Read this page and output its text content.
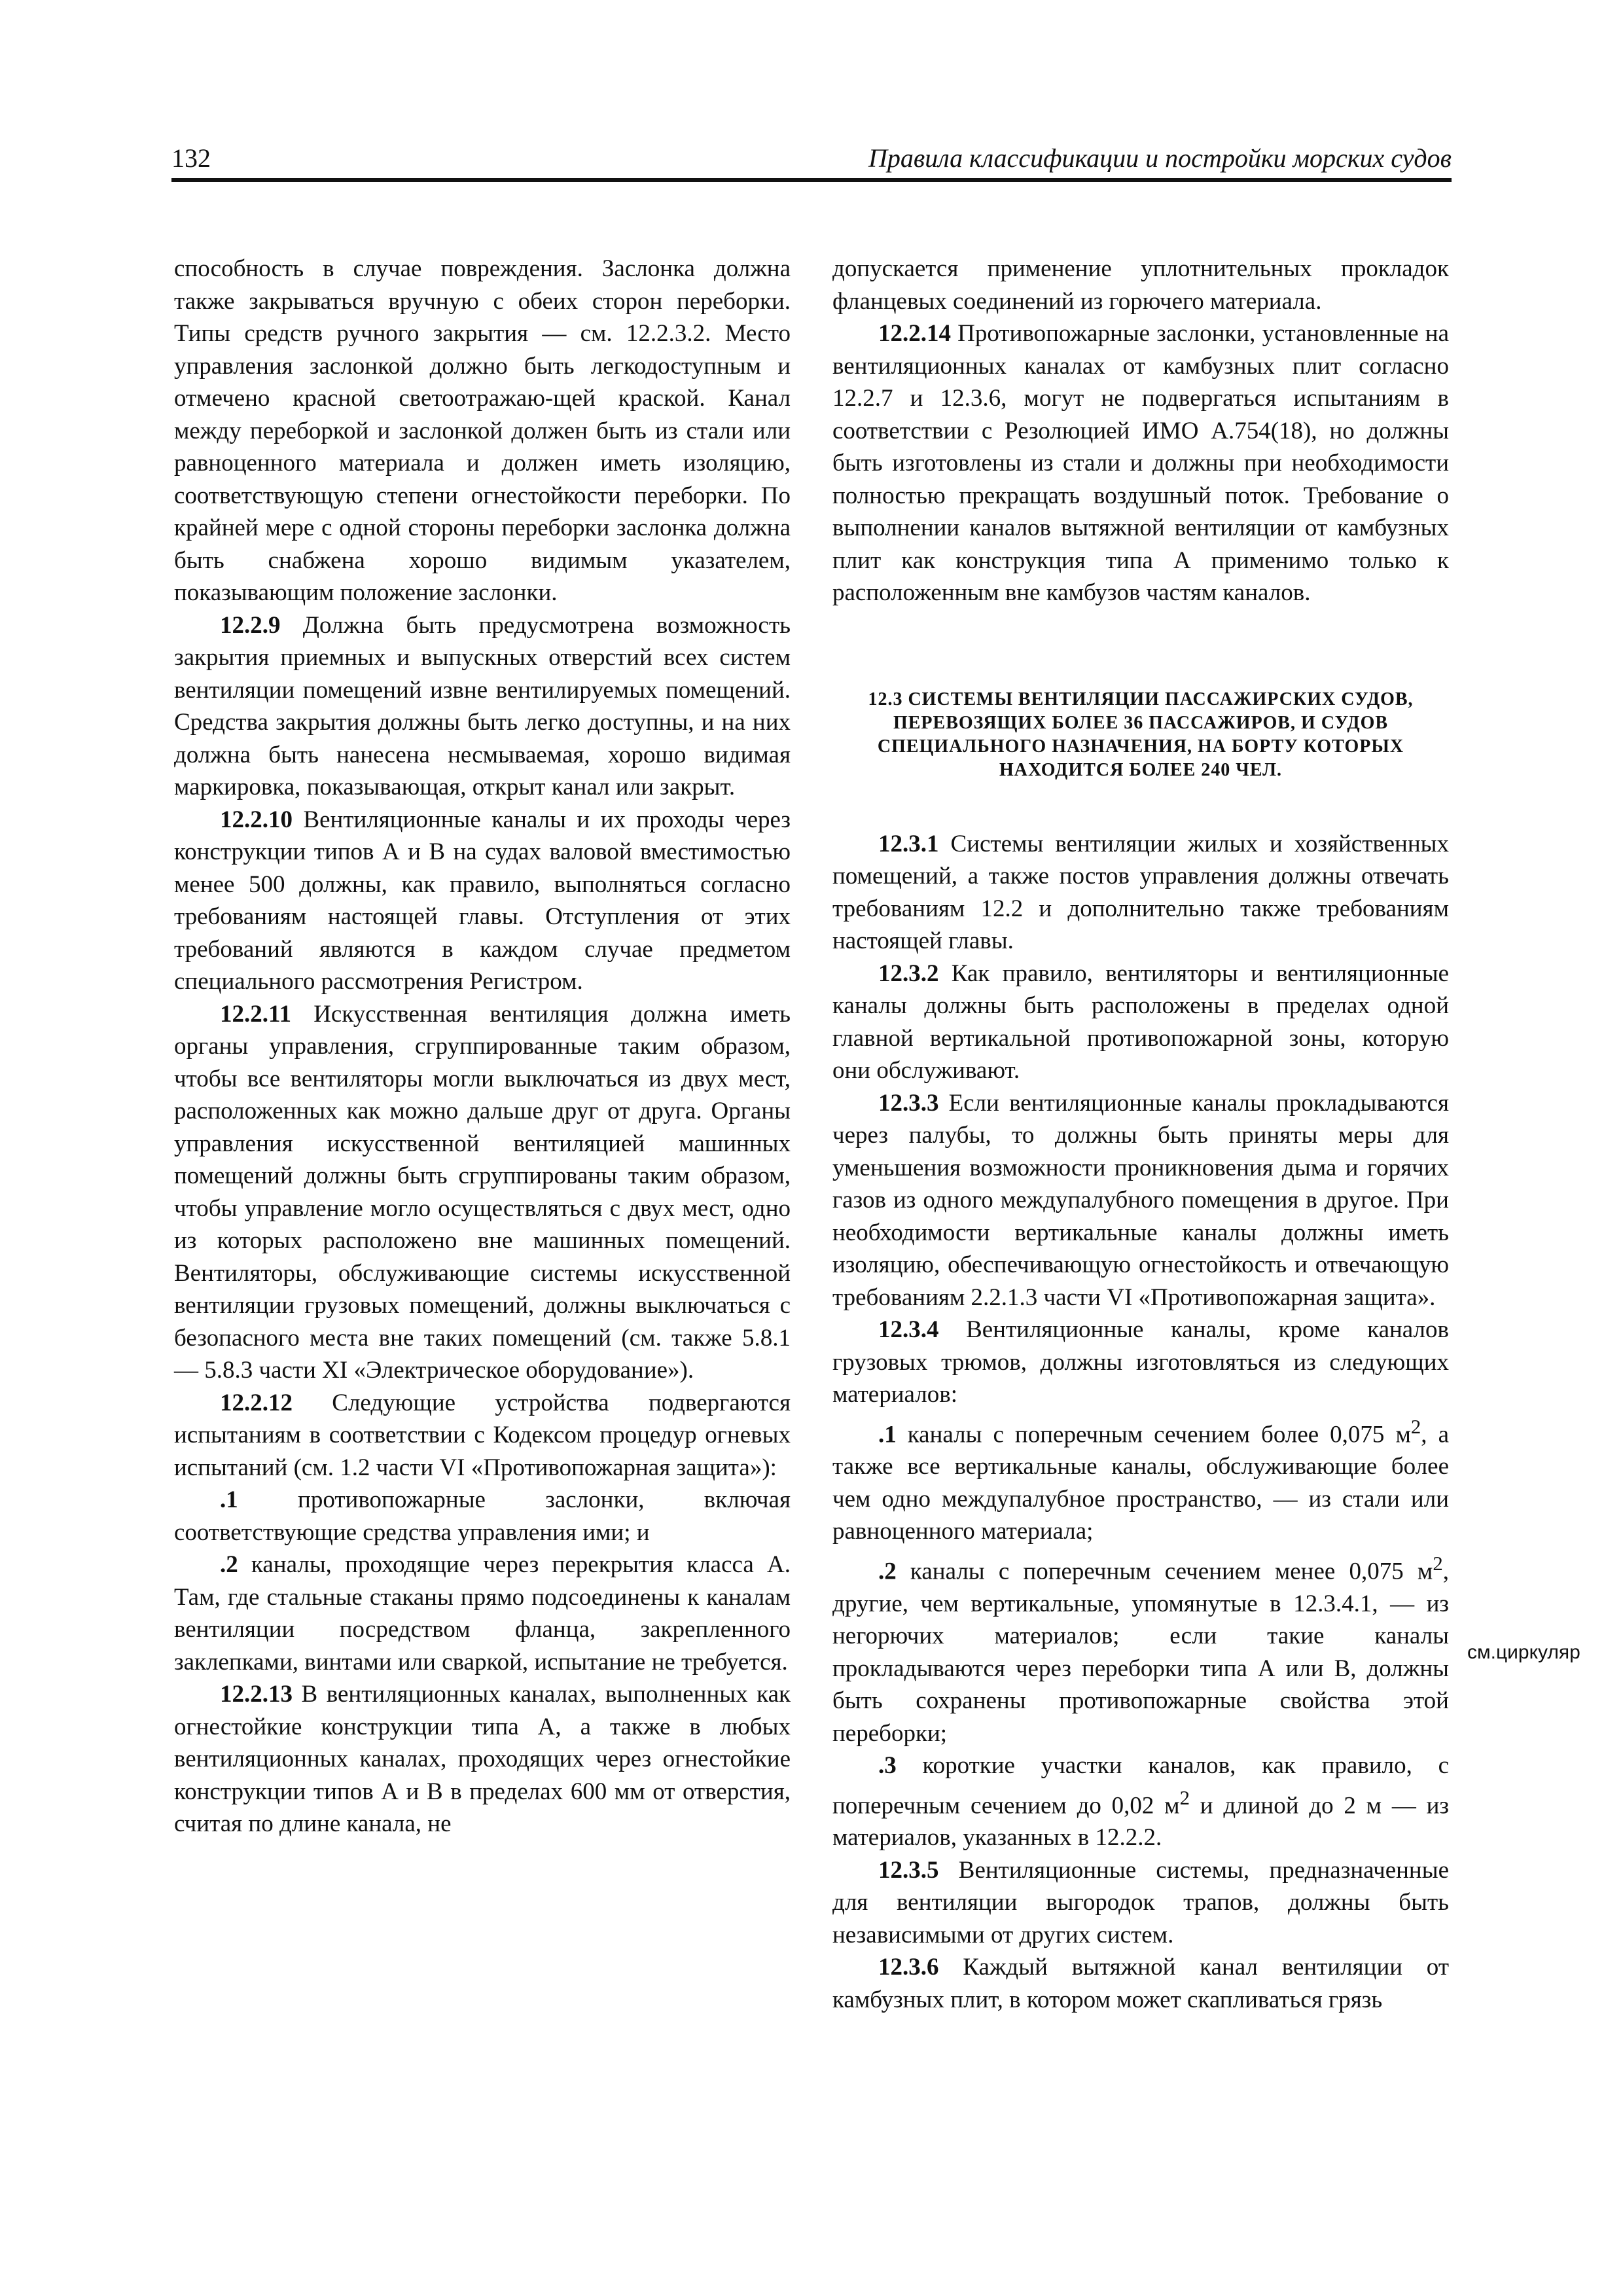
132	Правила классификации и постройки морских судов

способность в случае повреждения. Заслонка должна также закрываться вручную с обеих сторон переборки. Типы средств ручного закрытия — см. 12.2.3.2. Место управления заслонкой должно быть легкодоступным и отмечено красной светоотражаю-щей краской. Канал между переборкой и заслонкой должен быть из стали или равноценного материала и должен иметь изоляцию, соответствующую степени огнестойкости переборки. По крайней мере с одной стороны переборки заслонка должна быть снабжена хорошо видимым указателем, показывающим положение заслонки.

12.2.9 Должна быть предусмотрена возможность закрытия приемных и выпускных отверстий всех систем вентиляции помещений извне вентилируемых помещений. Средства закрытия должны быть легко доступны, и на них должна быть нанесена несмываемая, хорошо видимая маркировка, показывающая, открыт канал или закрыт.

12.2.10 Вентиляционные каналы и их проходы через конструкции типов А и В на судах валовой вместимостью менее 500 должны, как правило, выполняться согласно требованиям настоящей главы. Отступления от этих требований являются в каждом случае предметом специального рассмотрения Регистром.

12.2.11 Искусственная вентиляция должна иметь органы управления, сгруппированные таким образом, чтобы все вентиляторы могли выключаться из двух мест, расположенных как можно дальше друг от друга. Органы управления искусственной вентиляцией машинных помещений должны быть сгруппированы таким образом, чтобы управление могло осуществляться с двух мест, одно из которых расположено вне машинных помещений. Вентиляторы, обслуживающие системы искусственной вентиляции грузовых помещений, должны выключаться с безопасного места вне таких помещений (см. также 5.8.1 — 5.8.3 части XI «Электрическое оборудование»).

12.2.12 Следующие устройства подвергаются испытаниям в соответствии с Кодексом процедур огневых испытаний (см. 1.2 части VI «Противопожарная защита»):

.1 противопожарные заслонки, включая соответствующие средства управления ими; и

.2 каналы, проходящие через перекрытия класса А. Там, где стальные стаканы прямо подсоединены к каналам вентиляции посредством фланца, закрепленного заклепками, винтами или сваркой, испытание не требуется.

12.2.13 В вентиляционных каналах, выполненных как огнестойкие конструкции типа А, а также в любых вентиляционных каналах, проходящих через огнестойкие конструкции типов А и В в пределах 600 мм от отверстия, считая по длине канала, не

допускается применение уплотнительных прокладок фланцевых соединений из горючего материала.

12.2.14 Противопожарные заслонки, установленные на вентиляционных каналах от камбузных плит согласно 12.2.7 и 12.3.6, могут не подвергаться испытаниям в соответствии с Резолюцией ИМО А.754(18), но должны быть изготовлены из стали и должны при необходимости полностью прекращать воздушный поток. Требование о выполнении каналов вытяжной вентиляции от камбузных плит как конструкция типа А применимо только к расположенным вне камбузов частям каналов.

12.3 СИСТЕМЫ ВЕНТИЛЯЦИИ ПАССАЖИРСКИХ СУДОВ, ПЕРЕВОЗЯЩИХ БОЛЕЕ 36 ПАССАЖИРОВ, И СУДОВ СПЕЦИАЛЬНОГО НАЗНАЧЕНИЯ, НА БОРТУ КОТОРЫХ НАХОДИТСЯ БОЛЕЕ 240 ЧЕЛ.

12.3.1 Системы вентиляции жилых и хозяйственных помещений, а также постов управления должны отвечать требованиям 12.2 и дополнительно также требованиям настоящей главы.

12.3.2 Как правило, вентиляторы и вентиляционные каналы должны быть расположены в пределах одной главной вертикальной противопожарной зоны, которую они обслуживают.

12.3.3 Если вентиляционные каналы прокладываются через палубы, то должны быть приняты меры для уменьшения возможности проникновения дыма и горячих газов из одного междупалубного помещения в другое. При необходимости вертикальные каналы должны иметь изоляцию, обеспечивающую огнестойкость и отвечающую требованиям 2.2.1.3 части VI «Противопожарная защита».

12.3.4 Вентиляционные каналы, кроме каналов грузовых трюмов, должны изготовляться из следующих материалов:

.1 каналы с поперечным сечением более 0,075 $м^2$, а также все вертикальные каналы, обслуживающие более чем одно междупалубное пространство, — из стали или равноценного материала;

.2 каналы с поперечным сечением менее 0,075 $м^2$, другие, чем вертикальные, упомянутые в 12.3.4.1, — из негорючих материалов; если такие каналы прокладываются через переборки типа А или В, должны быть сохранены противопожарные свойства этой переборки;

.3 короткие участки каналов, как правило, с поперечным сечением до 0,02 $м^2$ и длиной до 2 м — из материалов, указанных в 12.2.2.

12.3.5 Вентиляционные системы, предназначенные для вентиляции выгородок трапов, должны быть независимыми от других систем.

12.3.6 Каждый вытяжной канал вентиляции от камбузных плит, в котором может скапливаться грязь

см.циркуляр
